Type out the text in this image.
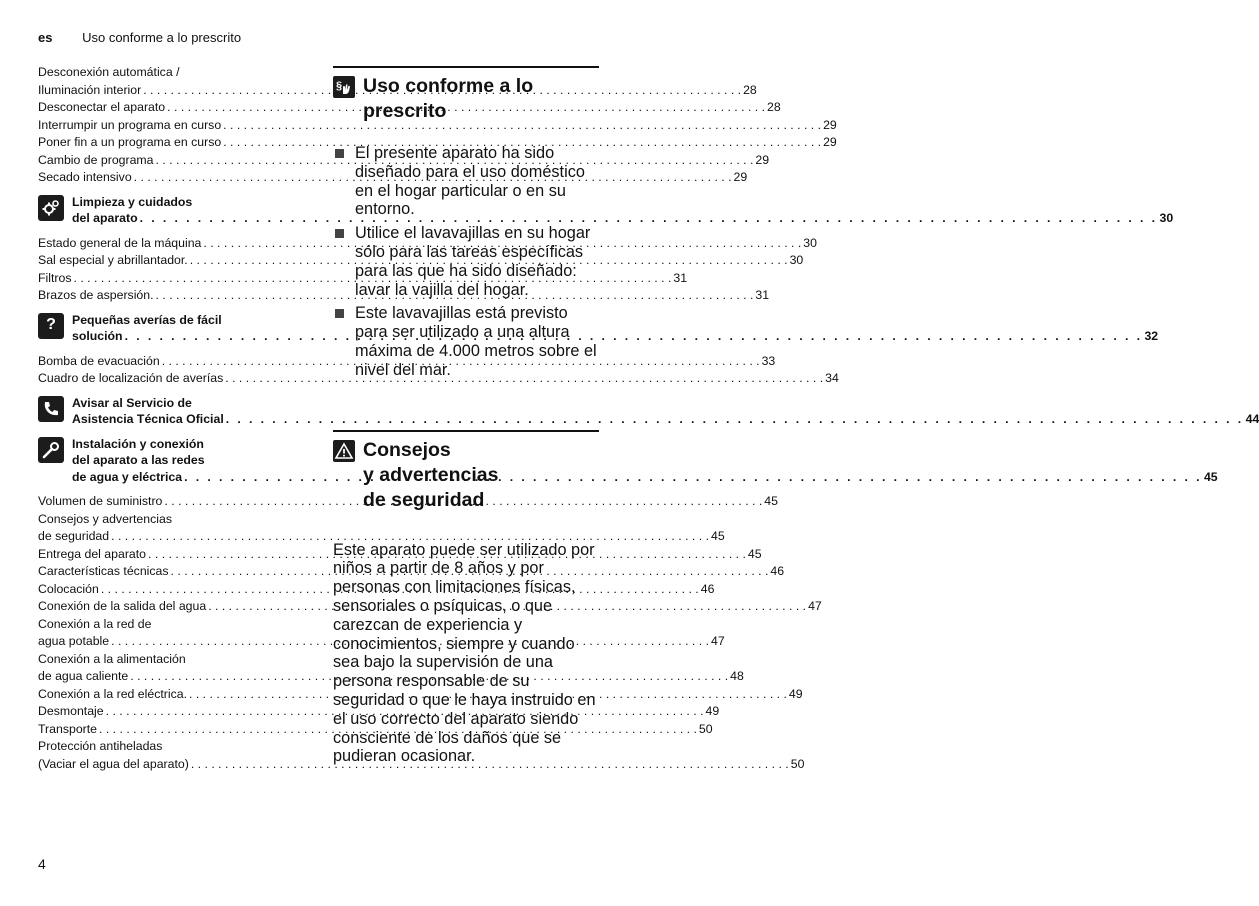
es Uso conforme a lo prescrito
Desconexión automática /
Iluminación interior . . .	28
Desconectar el aparato . . .	28
Interrumpir un programa en curso . . .	29
Poner fin a un programa en curso . . .	29
Cambio de programa . . .	29
Secado intensivo . . .	29
Limpieza y cuidados
del aparato . . .	30
Estado general de la máquina . . .	30
Sal especial y abrillantador. . . .	30
Filtros . . .	31
Brazos de aspersión. . . .	31
?	Pequeñas averías de fácil
solución . . .	32
Bomba de evacuación . . .	33
Cuadro de localización de averías . . .	34
Avisar al Servicio de
Asistencia Técnica Oficial . . .	44
Instalación y conexión
del aparato a las redes
de agua y eléctrica . . .	45
Volumen de suministro . . .	45
Consejos y advertencias
de seguridad . . .	45
Entrega del aparato . . .	45
Características técnicas . . .	46
Colocación . . .	46
Conexión de la salida del agua . . .	47
Conexión a la red de
agua potable . . .	47
Conexión a la alimentación
de agua caliente . . .	48
Conexión a la red eléctrica. . . .	49
Desmontaje . . .	49
Transporte . . .	50
Protección antiheladas
(Vaciar el agua del aparato) . . .	50
§ Uso conforme a lo
prescrito
El presente aparato ha sido diseñado para el uso doméstico en el hogar particular o en su entorno.
Utilice el lavavajillas en su hogar sólo para las tareas específicas para las que ha sido diseñado: lavar la vajilla del hogar.
Este lavavajillas está previsto para ser utilizado a una altura máxima de 4.000 metros sobre el nivel del mar.
Consejos
y advertencias
de seguridad
Este aparato puede ser utilizado por niños a partir de 8 años y por personas con limitaciones físicas, sensoriales o psíquicas, o que carezcan de experiencia y conocimientos, siempre y cuando sea bajo la supervisión de una persona responsable de su seguridad o que le haya instruido en el uso correcto del aparato siendo consciente de los daños que se pudieran ocasionar.
4
